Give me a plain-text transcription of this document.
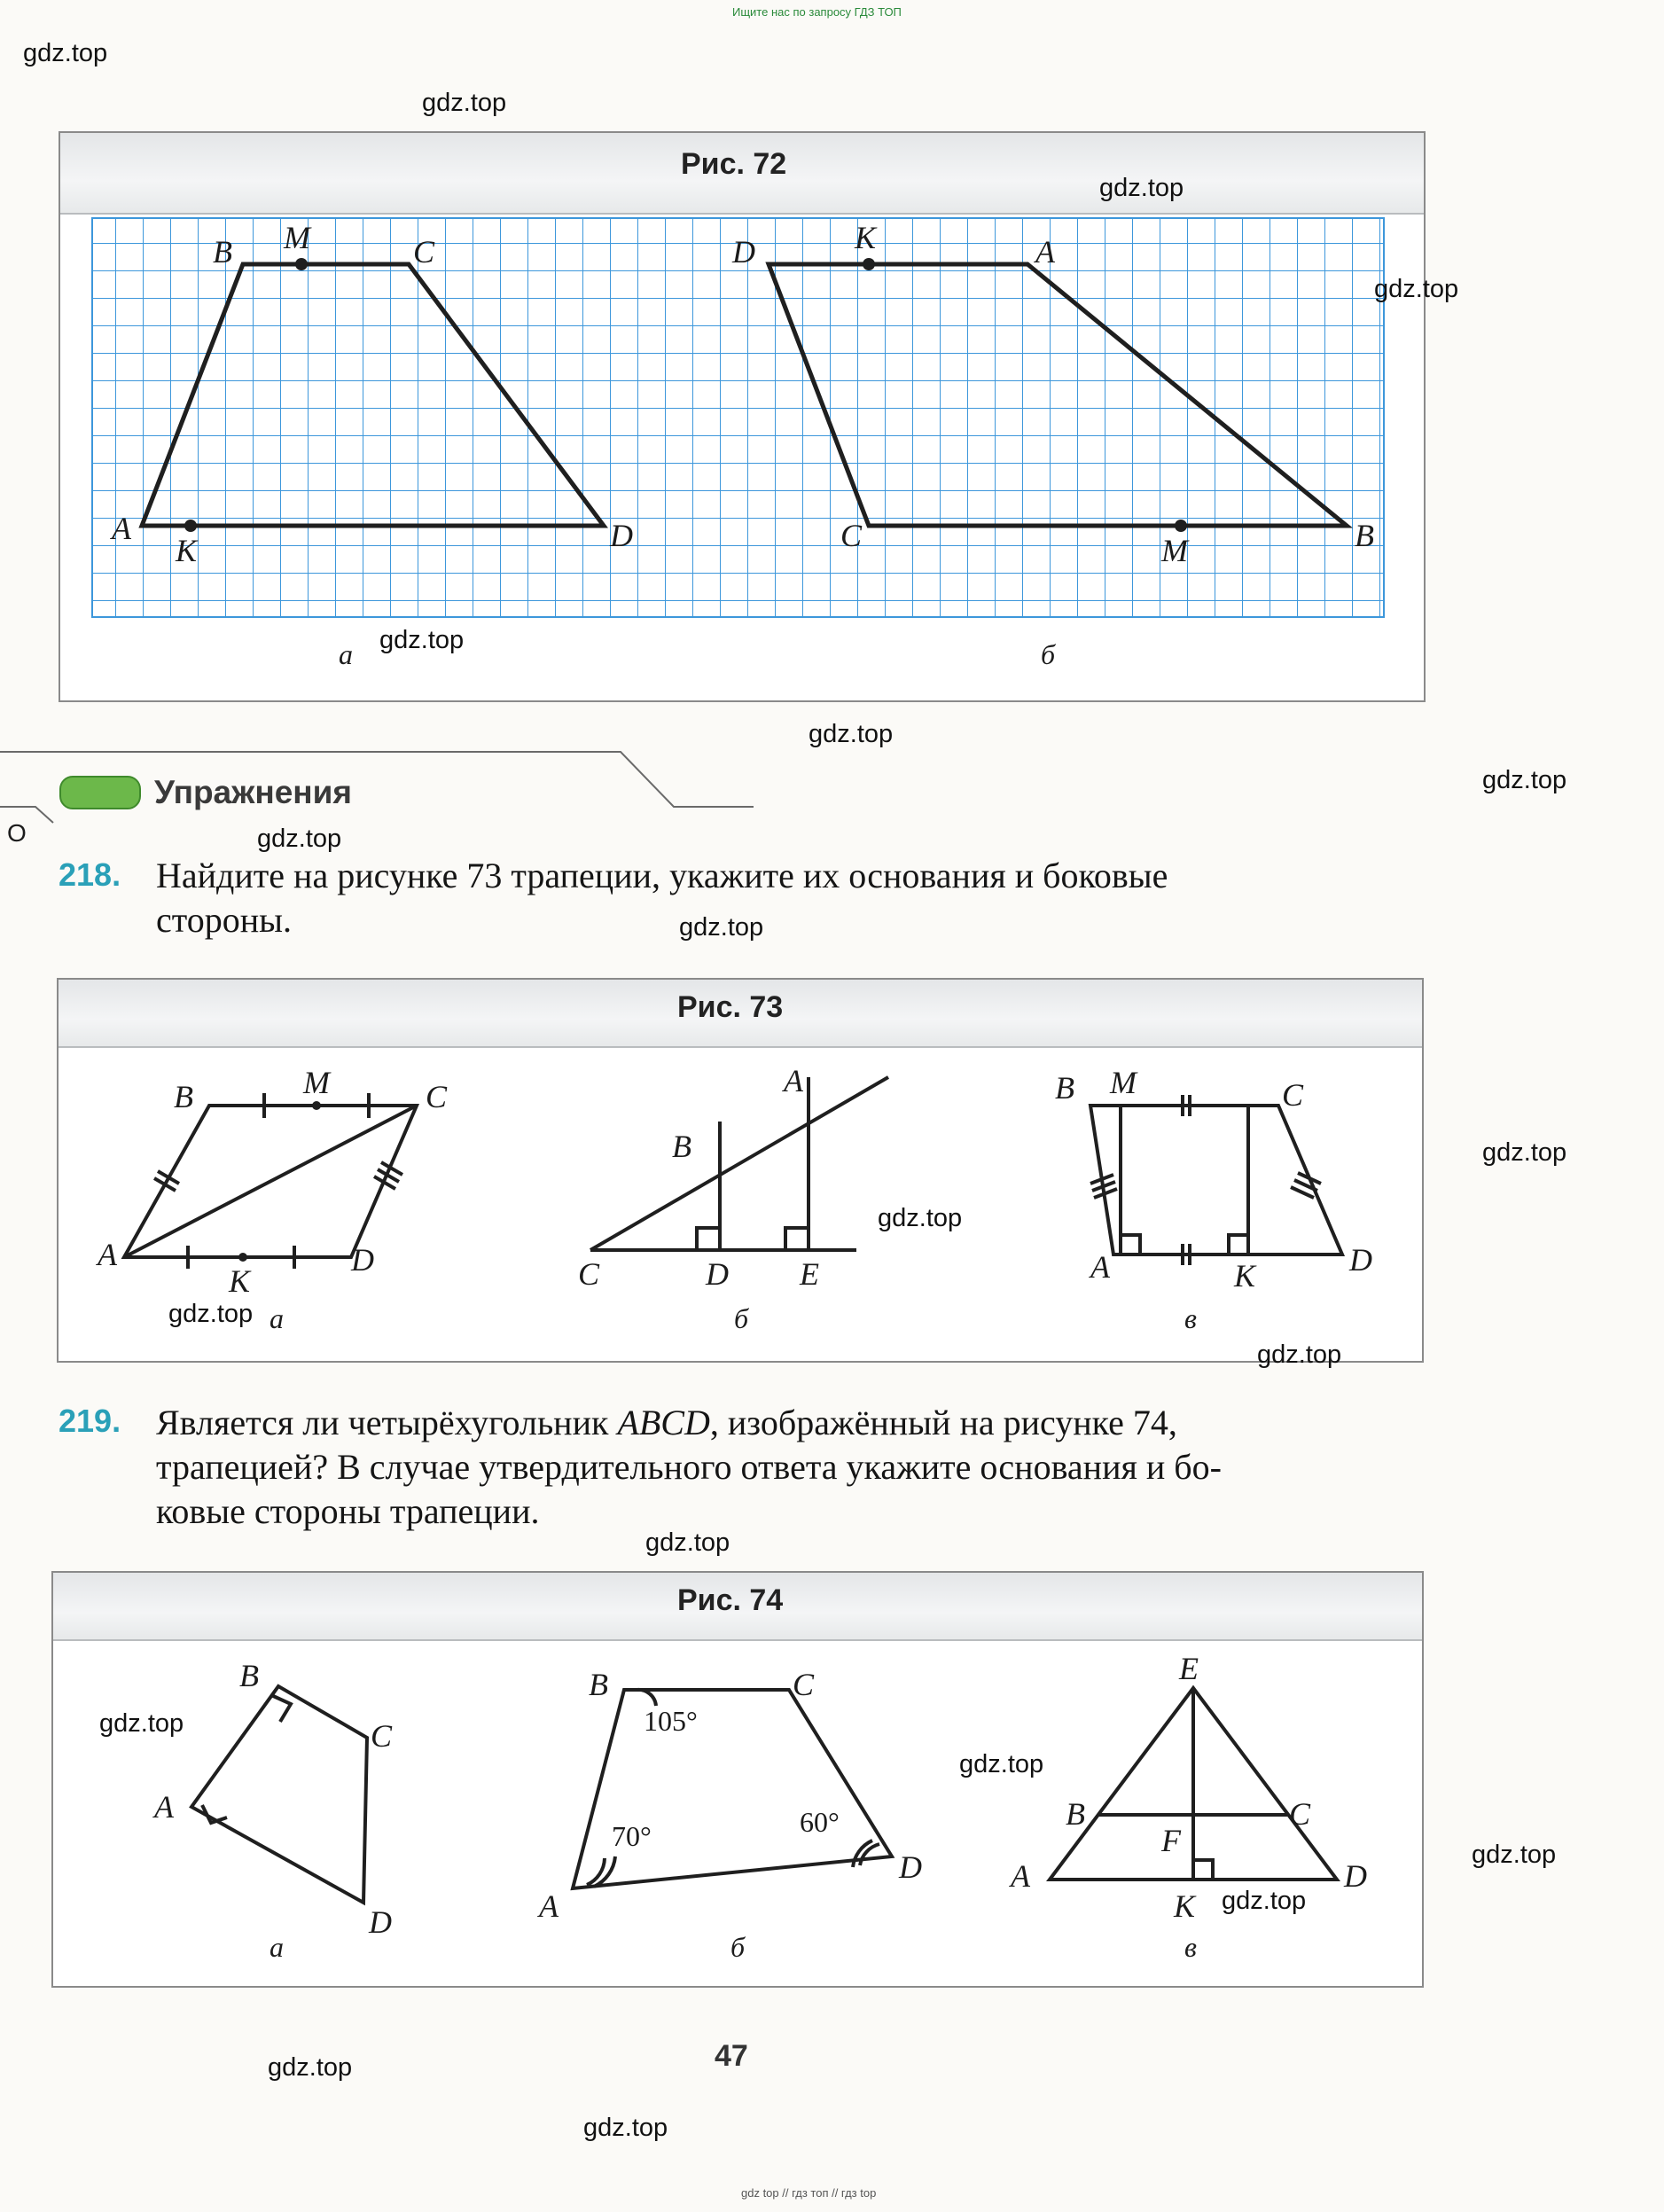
Ищите нас по запросу ГДЗ ТОП
Рис. 72
B M	C
A
K	D
D	K	A
C	M	B
а	б
О
Упражнения
218. Найдите на рисунке 73 трапеции, укажите их основания и боковые
стороны.
Рис. 73
B	M	C
A
K
D
A
B
C	D E
B M	C
A	K	D
а	б	в
219. Является ли четырёхугольник ABCD, изображённый на рисунке 74,
трапецией? В случае утвердительного ответа укажите основания и бо-
ковые стороны трапеции.
Рис. 74
B
C
A
D
B	C
A
D
E
B	C
F
A
K
D
105°
70°	60°
а	б	в
47
gdz.top
gdz.top
gdz.top
gdz.top
gdz.top
gdz.top
gdz.top
gdz.top
gdz.top
gdz.top
gdz.top
gdz.top
gdz.top
gdz.top
gdz.top
gdz.top
gdz.top
gdz.top
gdz.top
gdz.top
gdz top // гдз топ // гдз top
